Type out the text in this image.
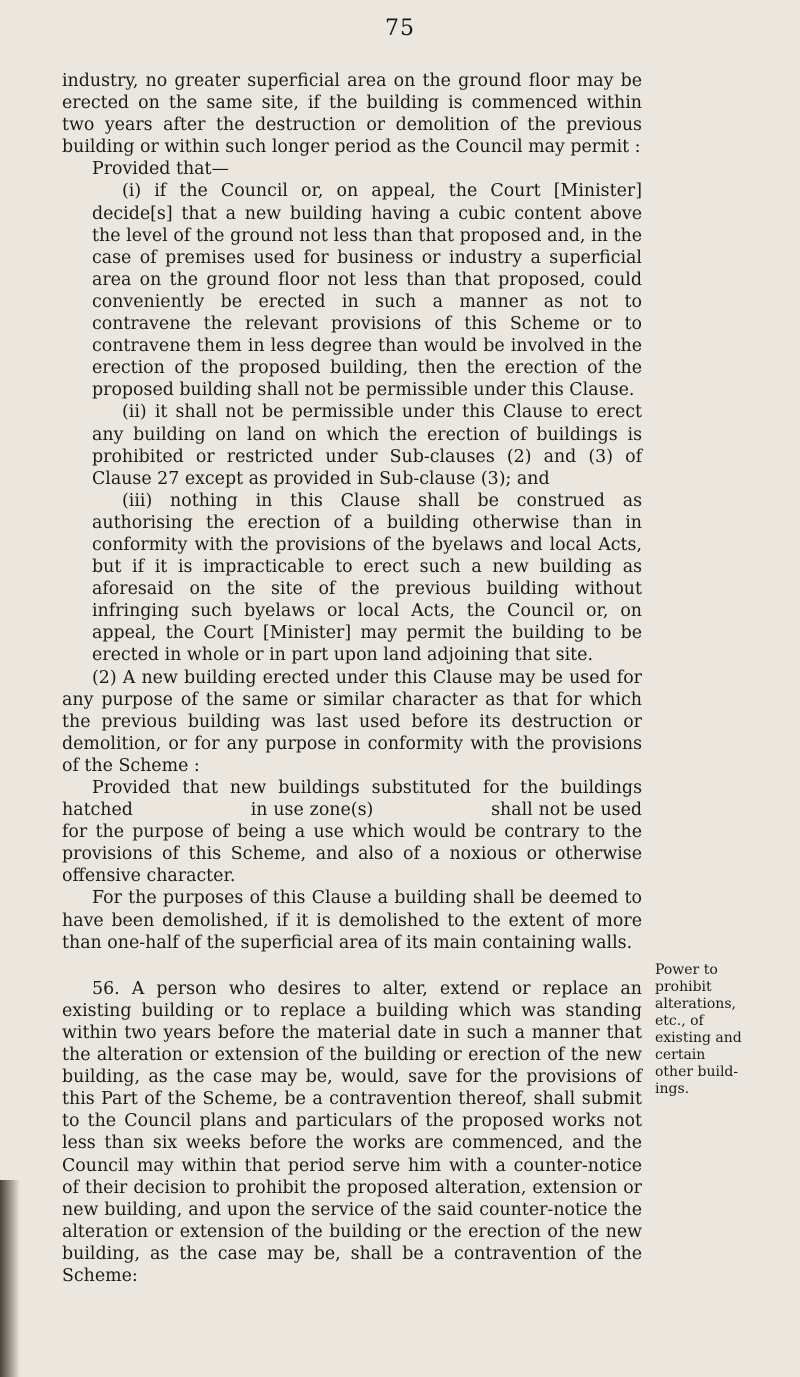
75

industry, no greater superficial area on the ground floor may be erected on the same site, if the building is commenced within two years after the destruction or demolition of the previous building or within such longer period as the Council may permit :

Provided that—

(i) if the Council or, on appeal, the Court [Minister] decide[s] that a new building having a cubic content above the level of the ground not less than that proposed and, in the case of premises used for business or industry a superficial area on the ground floor not less than that proposed, could conveniently be erected in such a manner as not to contravene the relevant provisions of this Scheme or to contravene them in less degree than would be involved in the erection of the proposed building, then the erection of the proposed building shall not be permissible under this Clause.

(ii) it shall not be permissible under this Clause to erect any building on land on which the erection of buildings is prohibited or restricted under Sub-clauses (2) and (3) of Clause 27 except as provided in Sub-clause (3); and

(iii) nothing in this Clause shall be construed as authorising the erection of a building otherwise than in conformity with the provisions of the byelaws and local Acts, but if it is impracticable to erect such a new building as aforesaid on the site of the previous building without infringing such byelaws or local Acts, the Council or, on appeal, the Court [Minister] may permit the building to be erected in whole or in part upon land adjoining that site.

(2) A new building erected under this Clause may be used for any purpose of the same or similar character as that for which the previous building was last used before its destruction or demolition, or for any purpose in conformity with the provisions of the Scheme :

Provided that new buildings substituted for the buildings hatched                    in use zone(s)                    shall not be used for the purpose of being a use which would be contrary to the provisions of this Scheme, and also of a noxious or otherwise offensive character.

For the purposes of this Clause a building shall be deemed to have been demolished, if it is demolished to the extent of more than one-half of the superficial area of its main containing walls.

56. A person who desires to alter, extend or replace an existing building or to replace a building which was standing within two years before the material date in such a manner that the alteration or extension of the building or erection of the new building, as the case may be, would, save for the provisions of this Part of the Scheme, be a contravention thereof, shall submit to the Council plans and particulars of the proposed works not less than six weeks before the works are commenced, and the Council may within that period serve him with a counter-notice of their decision to prohibit the proposed alteration, extension or new building, and upon the service of the said counter-notice the alteration or extension of the building or the erection of the new building, as the case may be, shall be a contravention of the Scheme:

Power to
prohibit
alterations,
etc., of
existing and
certain
other build-
ings.
